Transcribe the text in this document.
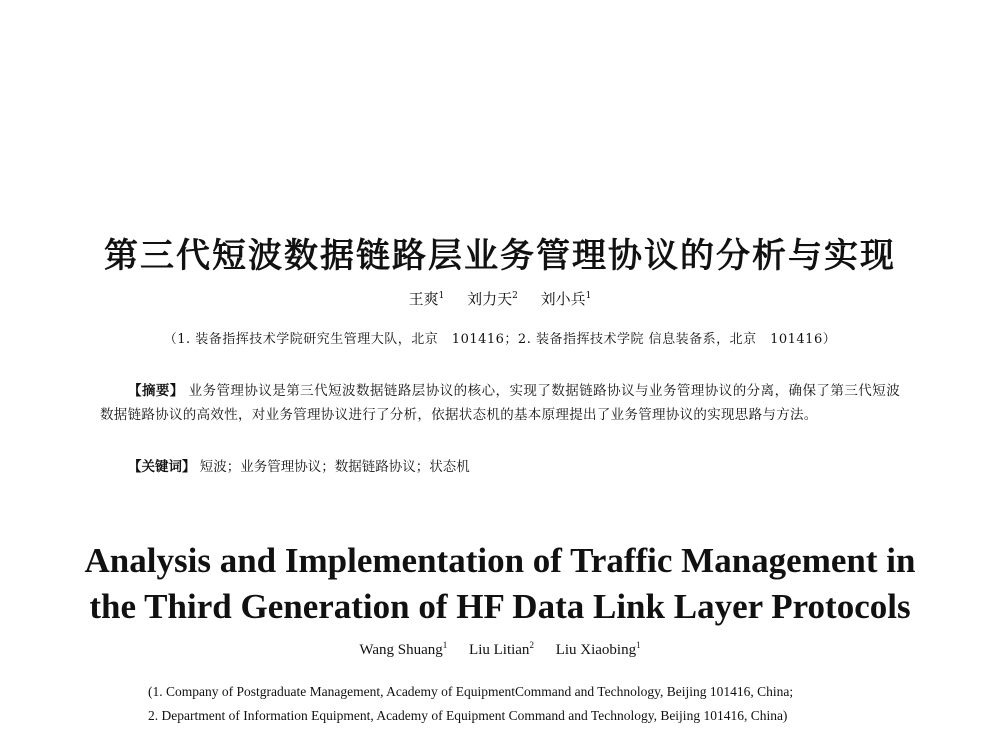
第三代短波数据链路层业务管理协议的分析与实现
王爽$^1$ 刘力天$^2$ 刘小兵$^1$
（1. 装备指挥技术学院研究生管理大队，北京　101416；2. 装备指挥技术学院 信息装备系，北京　101416）
【摘要】 业务管理协议是第三代短波数据链路层协议的核心，实现了数据链路协议与业务管理协议的分离，确保了第三代短波数据链路协议的高效性，对业务管理协议进行了分析，依据状态机的基本原理提出了业务管理协议的实现思路与方法。
【关键词】 短波；业务管理协议；数据链路协议；状态机
Analysis and Implementation of Traffic Management in
the Third Generation of HF Data Link Layer Protocols
Wang Shuang$^1$ Liu Litian$^2$ Liu Xiaobing$^1$
(1. Company of Postgraduate Management, Academy of EquipmentCommand and Technology, Beijing 101416, China;
2. Department of Information Equipment, Academy of Equipment Command and Technology, Beijing 101416, China)
